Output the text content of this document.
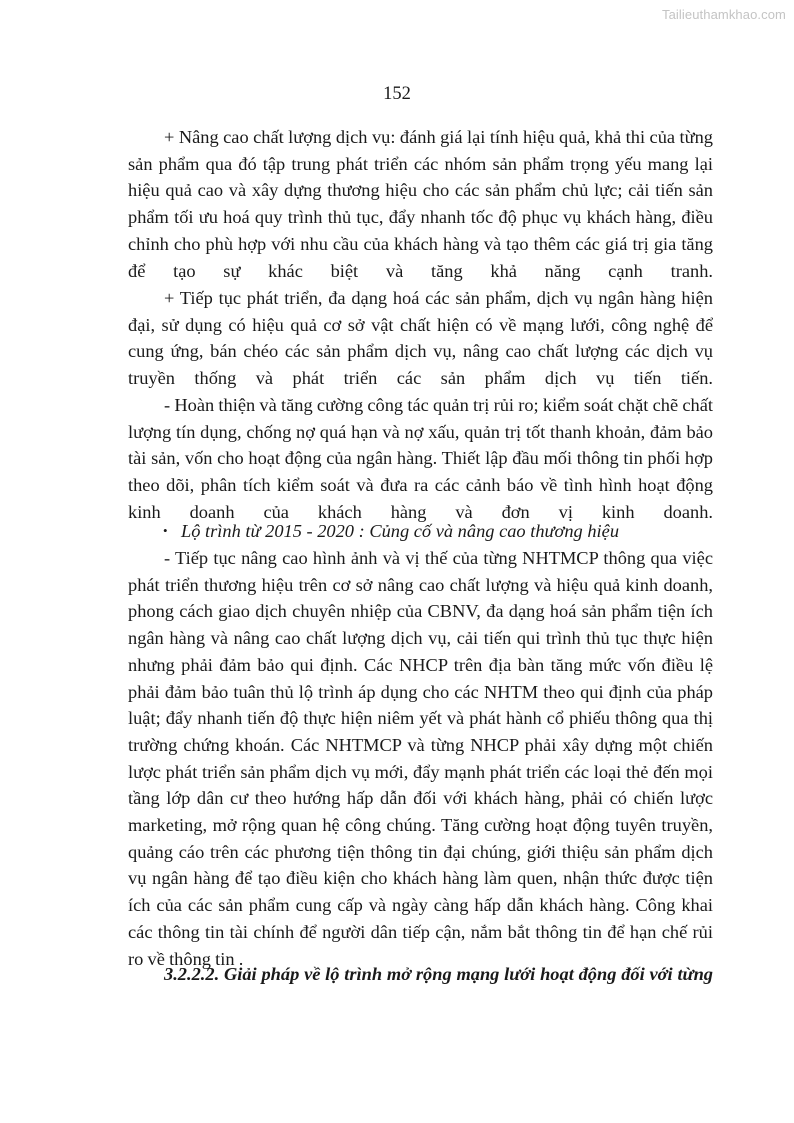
Tailieuthamkhao.com
152
+ Nâng cao chất lượng dịch vụ: đánh giá lại tính hiệu quả, khả thi của từng sản phẩm qua đó tập trung phát triển các nhóm sản phẩm trọng yếu mang lại hiệu quả cao và xây dựng thương hiệu cho các sản phẩm chủ lực; cải tiến sản phẩm tối ưu hoá quy trình thủ tục, đẩy nhanh tốc độ phục vụ khách hàng, điều chỉnh cho phù hợp với nhu cầu của khách hàng và tạo thêm các giá trị gia tăng để tạo sự khác biệt và tăng khả năng cạnh tranh.
+ Tiếp tục phát triển, đa dạng hoá các sản phẩm, dịch vụ ngân hàng hiện đại, sử dụng có hiệu quả cơ sở vật chất hiện có về mạng lưới, công nghệ để cung ứng, bán chéo các sản phẩm dịch vụ, nâng cao chất lượng các dịch vụ truyền thống và phát triển các sản phẩm dịch vụ tiến tiến.
- Hoàn thiện và tăng cường công tác quản trị rủi ro; kiểm soát chặt chẽ chất lượng tín dụng, chống nợ quá hạn và nợ xấu, quản trị tốt thanh khoản, đảm bảo tài sản, vốn cho hoạt động của ngân hàng. Thiết lập đầu mối thông tin phối hợp theo dõi, phân tích kiểm soát và đưa ra các cảnh báo về tình hình hoạt động kinh doanh của khách hàng và đơn vị kinh doanh.
• Lộ trình từ 2015 - 2020 : Củng cố và nâng cao thương hiệu
- Tiếp tục nâng cao hình ảnh và vị thế của từng NHTMCP thông qua việc phát triển thương hiệu trên cơ sở nâng cao chất lượng và hiệu quả kinh doanh, phong cách giao dịch chuyên nhiệp của CBNV, đa dạng hoá sản phẩm tiện ích ngân hàng và nâng cao chất lượng dịch vụ, cải tiến qui trình thủ tục thực hiện nhưng phải đảm bảo qui định. Các NHCP trên địa bàn tăng mức vốn điều lệ phải đảm bảo tuân thủ lộ trình áp dụng cho các NHTM theo qui định của pháp luật; đẩy nhanh tiến độ thực hiện niêm yết và phát hành cổ phiếu thông qua thị trường chứng khoán. Các NHTMCP và từng NHCP phải xây dựng một chiến lược phát triển sản phẩm dịch vụ mới, đẩy mạnh phát triển các loại thẻ đến mọi tầng lớp dân cư theo hướng hấp dẫn đối với khách hàng, phải có chiến lược marketing, mở rộng quan hệ công chúng. Tăng cường hoạt động tuyên truyền, quảng cáo trên các phương tiện thông tin đại chúng, giới thiệu sản phẩm dịch vụ ngân hàng để tạo điều kiện cho khách hàng làm quen, nhận thức được tiện ích của các sản phẩm cung cấp và ngày càng hấp dẫn khách hàng. Công khai các thông tin tài chính để người dân tiếp cận, nắm bắt thông tin để hạn chế rủi ro về thông tin .
3.2.2.2. Giải pháp về lộ trình mở rộng mạng lưới hoạt động đối với từng
